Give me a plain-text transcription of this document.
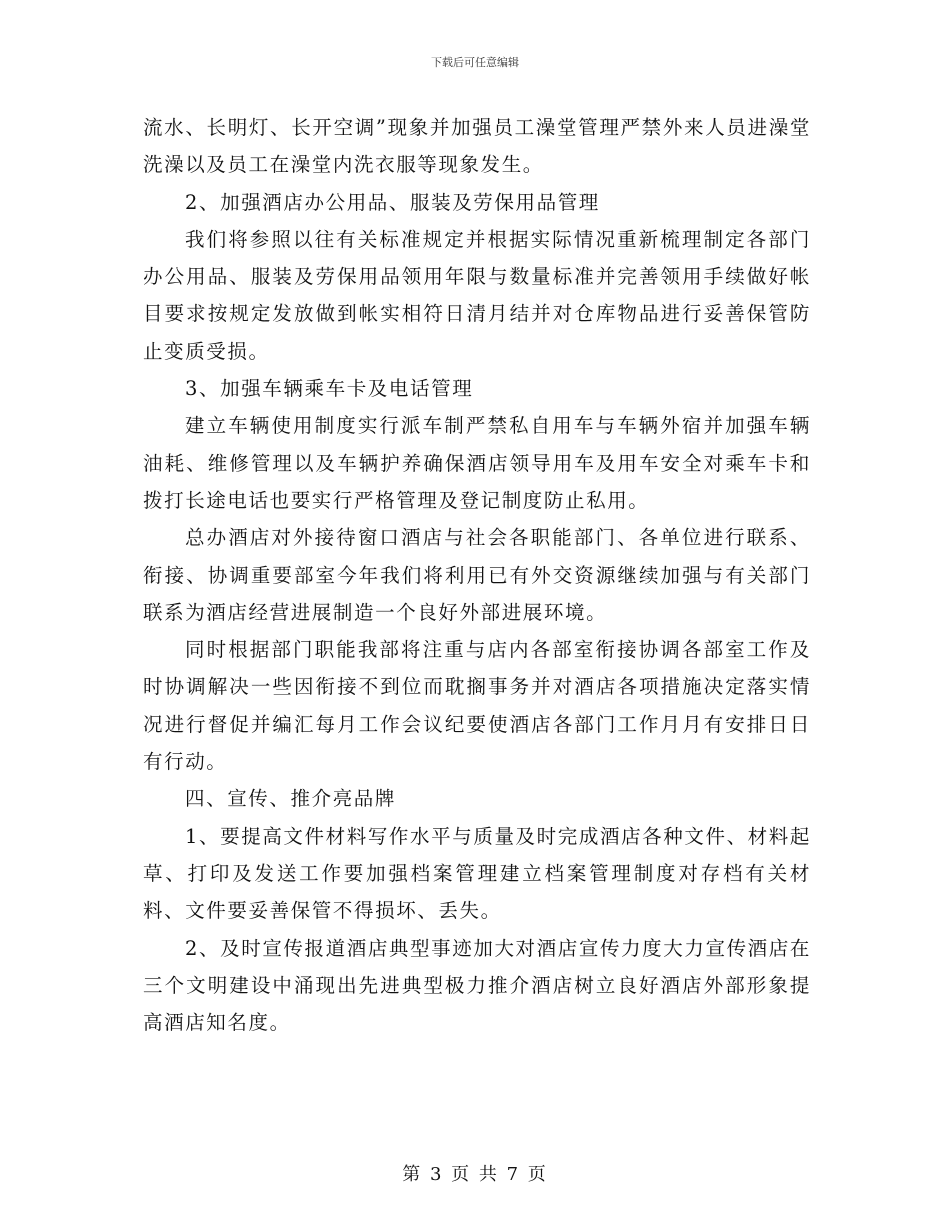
下载后可任意编辑

流水、长明灯、长开空调”现象并加强员工澡堂管理严禁外来人员进澡堂洗澡以及员工在澡堂内洗衣服等现象发生。

2、加强酒店办公用品、服装及劳保用品管理

我们将参照以往有关标准规定并根据实际情况重新梳理制定各部门办公用品、服装及劳保用品领用年限与数量标准并完善领用手续做好帐目要求按规定发放做到帐实相符日清月结并对仓库物品进行妥善保管防止变质受损。

3、加强车辆乘车卡及电话管理

建立车辆使用制度实行派车制严禁私自用车与车辆外宿并加强车辆油耗、维修管理以及车辆护养确保酒店领导用车及用车安全对乘车卡和拨打长途电话也要实行严格管理及登记制度防止私用。

总办酒店对外接待窗口酒店与社会各职能部门、各单位进行联系、衔接、协调重要部室今年我们将利用已有外交资源继续加强与有关部门联系为酒店经营进展制造一个良好外部进展环境。

同时根据部门职能我部将注重与店内各部室衔接协调各部室工作及时协调解决一些因衔接不到位而耽搁事务并对酒店各项措施决定落实情况进行督促并编汇每月工作会议纪要使酒店各部门工作月月有安排日日有行动。

四、宣传、推介亮品牌

1、要提高文件材料写作水平与质量及时完成酒店各种文件、材料起草、打印及发送工作要加强档案管理建立档案管理制度对存档有关材料、文件要妥善保管不得损坏、丢失。

2、及时宣传报道酒店典型事迹加大对酒店宣传力度大力宣传酒店在三个文明建设中涌现出先进典型极力推介酒店树立良好酒店外部形象提高酒店知名度。

第 3 页 共 7 页
